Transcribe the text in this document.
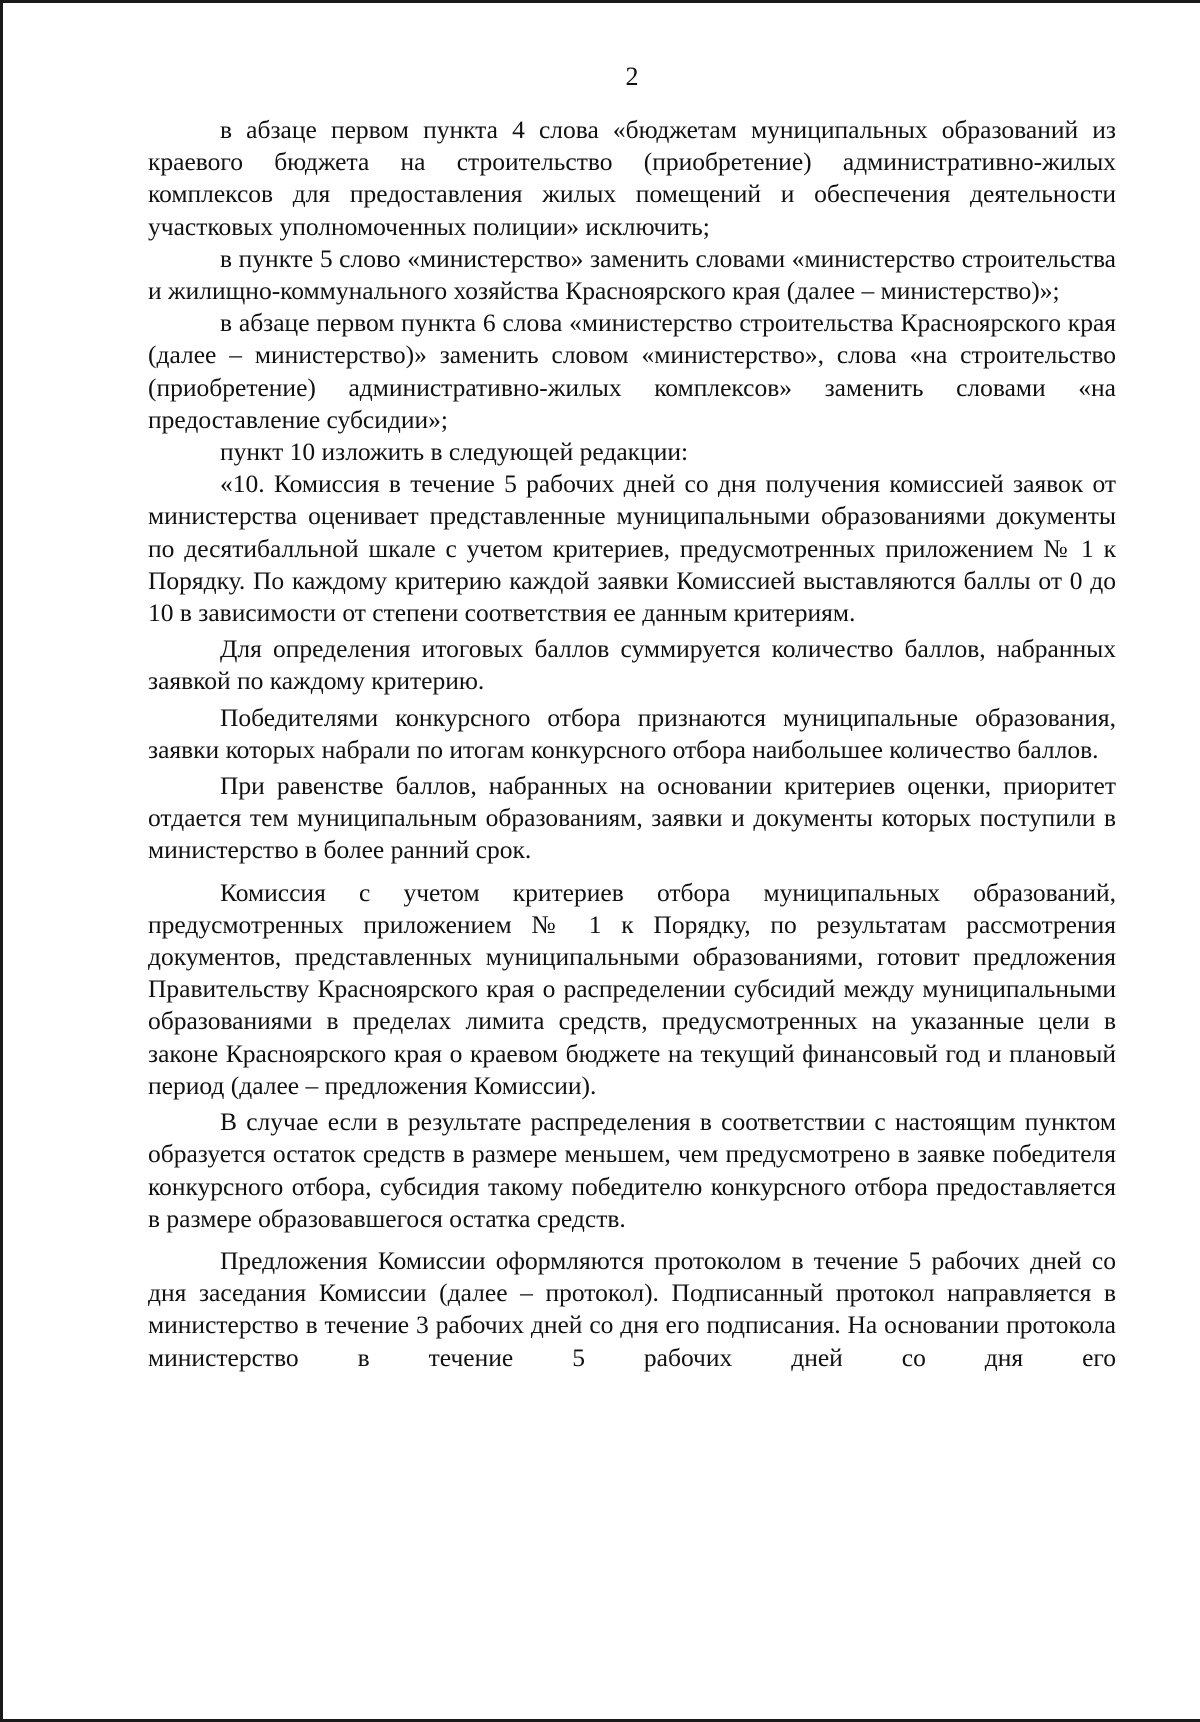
2

в абзаце первом пункта 4 слова «бюджетам муниципальных образований из краевого бюджета на строительство (приобретение) административно-жилых комплексов для предоставления жилых помещений и обеспечения деятельности участковых уполномоченных полиции» исключить;

в пункте 5 слово «министерство» заменить словами «министерство строительства и жилищно-коммунального хозяйства Красноярского края (далее – министерство)»;

в абзаце первом пункта 6 слова «министерство строительства Красноярского края (далее – министерство)» заменить словом «министерство», слова «на строительство (приобретение) административно-жилых комплексов» заменить словами «на предоставление субсидии»;

пункт 10 изложить в следующей редакции:

«10. Комиссия в течение 5 рабочих дней со дня получения комиссией заявок от министерства оценивает представленные муниципальными образованиями документы по десятибалльной шкале с учетом критериев, предусмотренных приложением № 1 к Порядку. По каждому критерию каждой заявки Комиссией выставляются баллы от 0 до 10 в зависимости от степени соответствия ее данным критериям.

Для определения итоговых баллов суммируется количество баллов, набранных заявкой по каждому критерию.

Победителями конкурсного отбора признаются муниципальные образования, заявки которых набрали по итогам конкурсного отбора наибольшее количество баллов.

При равенстве баллов, набранных на основании критериев оценки, приоритет отдается тем муниципальным образованиям, заявки и документы которых поступили в министерство в более ранний срок.

Комиссия с учетом критериев отбора муниципальных образований, предусмотренных приложением № 1 к Порядку, по результатам рассмотрения документов, представленных муниципальными образованиями, готовит предложения Правительству Красноярского края о распределении субсидий между муниципальными образованиями в пределах лимита средств, предусмотренных на указанные цели в законе Красноярского края о краевом бюджете на текущий финансовый год и плановый период (далее – предложения Комиссии).

В случае если в результате распределения в соответствии с настоящим пунктом образуется остаток средств в размере меньшем, чем предусмотрено в заявке победителя конкурсного отбора, субсидия такому победителю конкурсного отбора предоставляется в размере образовавшегося остатка средств.

Предложения Комиссии оформляются протоколом в течение 5 рабочих дней со дня заседания Комиссии (далее – протокол). Подписанный протокол направляется в министерство в течение 3 рабочих дней со дня его подписания. На основании протокола министерство в течение 5 рабочих дней со дня его
